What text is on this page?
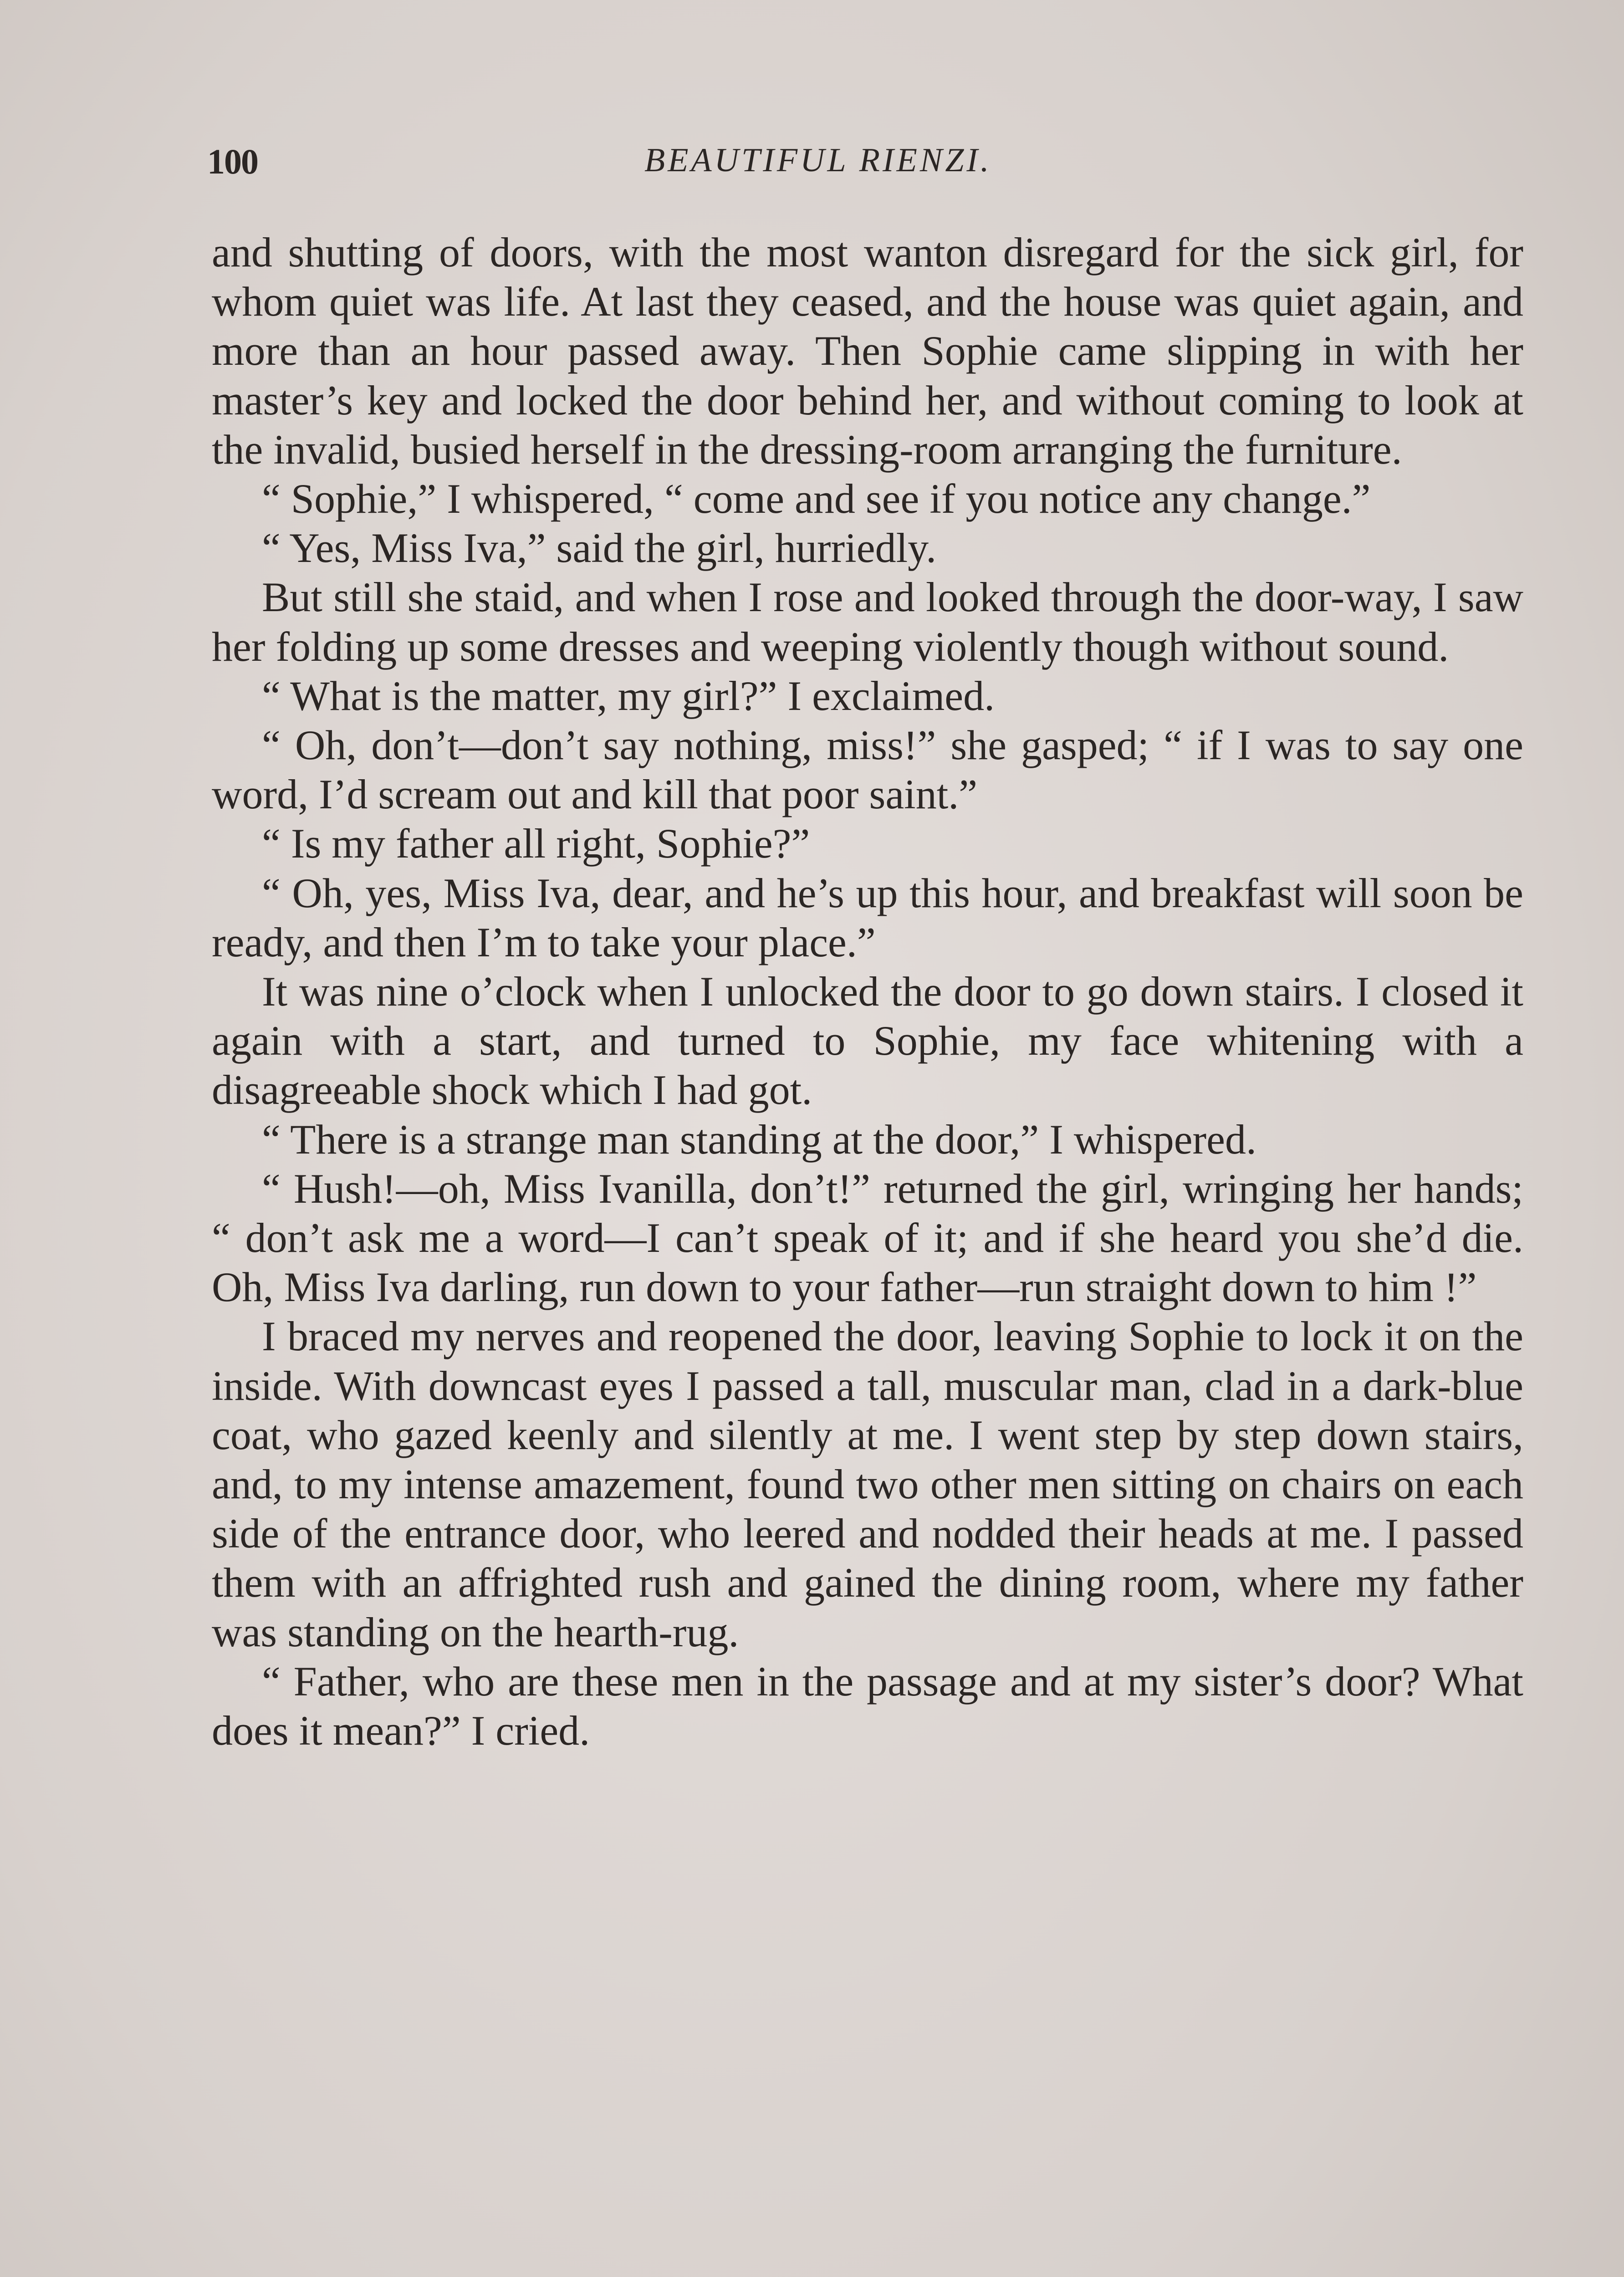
100	BEAUTIFUL RIENZI.

and shutting of doors, with the most wanton disregard for the sick girl, for whom quiet was life. At last they ceased, and the house was quiet again, and more than an hour passed away. Then Sophie came slipping in with her master’s key and locked the door behind her, and without coming to look at the invalid, busied herself in the dressing-room arranging the furniture.

“ Sophie,” I whispered, “ come and see if you notice any change.”

“ Yes, Miss Iva,” said the girl, hurriedly.

But still she staid, and when I rose and looked through the door-way, I saw her folding up some dresses and weeping violently though without sound.

“ What is the matter, my girl?” I exclaimed.

“ Oh, don’t—don’t say nothing, miss!” she gasped; “ if I was to say one word, I’d scream out and kill that poor saint.”

“ Is my father all right, Sophie?”

“ Oh, yes, Miss Iva, dear, and he’s up this hour, and breakfast will soon be ready, and then I’m to take your place.”

It was nine o’clock when I unlocked the door to go down stairs. I closed it again with a start, and turned to Sophie, my face whitening with a disagreeable shock which I had got.

“ There is a strange man standing at the door,” I whispered.

“ Hush!—oh, Miss Ivanilla, don’t!” returned the girl, wringing her hands; “ don’t ask me a word—I can’t speak of it; and if she heard you she’d die. Oh, Miss Iva darling, run down to your father—run straight down to him !”

I braced my nerves and reopened the door, leaving Sophie to lock it on the inside. With downcast eyes I passed a tall, muscular man, clad in a dark-blue coat, who gazed keenly and silently at me. I went step by step down stairs, and, to my intense amazement, found two other men sitting on chairs on each side of the entrance door, who leered and nodded their heads at me. I passed them with an affrighted rush and gained the dining room, where my father was standing on the hearth-rug.

“ Father, who are these men in the passage and at my sister’s door? What does it mean?” I cried.
